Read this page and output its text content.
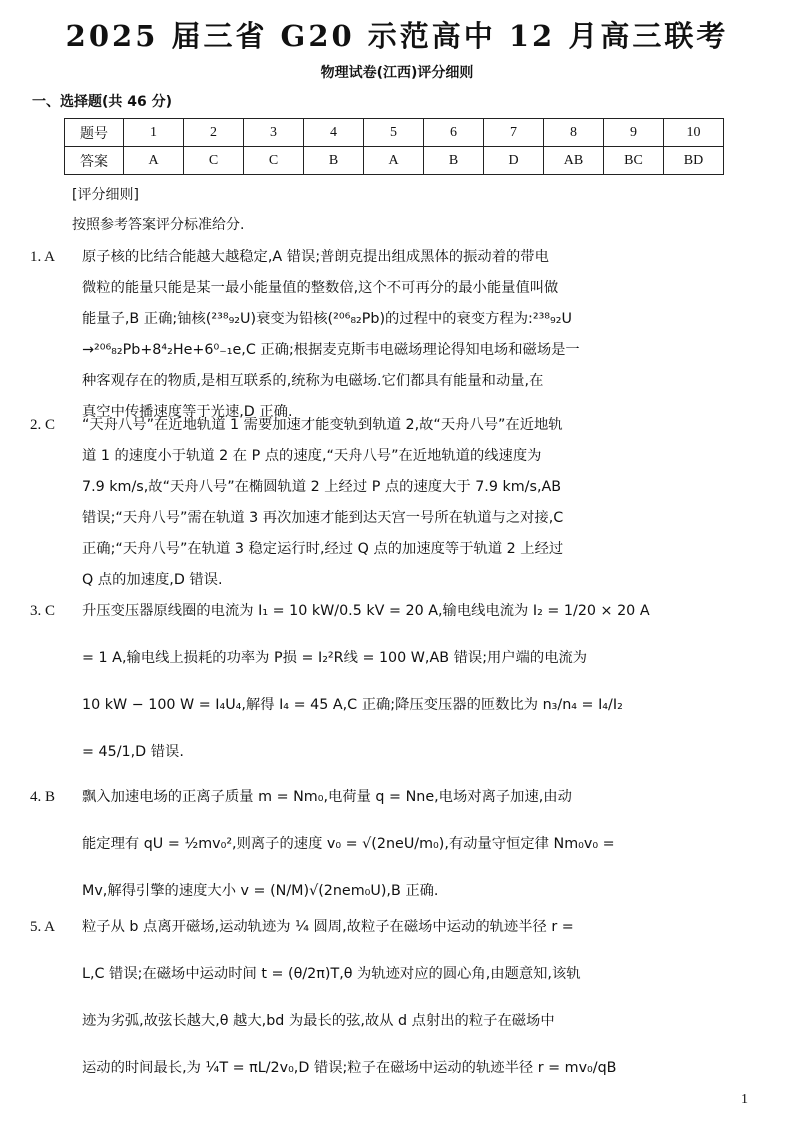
2025 届三省 G20 示范高中 12 月高三联考
物理试卷(江西)评分细则
一、选择题(共 46 分)
题号	1	2	3	4	5	6	7	8	9	10
答案	A	C	C	B	A	B	D	AB	BC	BD
[评分细则]
按照参考答案评分标准给分.
1. A 原子核的比结合能越大越稳定,A 错误;普朗克提出组成黑体的振动着的带电
微粒的能量只能是某一最小能量值的整数倍,这个不可再分的最小能量值叫做
能量子,B 正确;铀核(²³⁸₉₂U)衰变为铅核(²⁰⁶₈₂Pb)的过程中的衰变方程为:²³⁸₉₂U
→²⁰⁶₈₂Pb+8⁴₂He+6⁰₋₁e,C 正确;根据麦克斯韦电磁场理论得知电场和磁场是一
种客观存在的物质,是相互联系的,统称为电磁场.它们都具有能量和动量,在
真空中传播速度等于光速,D 正确.
2. C “天舟八号”在近地轨道 1 需要加速才能变轨到轨道 2,故“天舟八号”在近地轨
道 1 的速度小于轨道 2 在 P 点的速度,“天舟八号”在近地轨道的线速度为
7.9 km/s,故“天舟八号”在椭圆轨道 2 上经过 P 点的速度大于 7.9 km/s,AB
错误;“天舟八号”需在轨道 3 再次加速才能到达天宫一号所在轨道与之对接,C
正确;“天舟八号”在轨道 3 稳定运行时,经过 Q 点的加速度等于轨道 2 上经过
Q 点的加速度,D 错误.
3. C 升压变压器原线圈的电流为 I₁ = 10 kW/0.5 kV = 20 A,输电线电流为 I₂ = 1/20 × 20 A
= 1 A,输电线上损耗的功率为 P损 = I₂²R线 = 100 W,AB 错误;用户端的电流为
10 kW − 100 W = I₄U₄,解得 I₄ = 45 A,C 正确;降压变压器的匝数比为 n₃/n₄ = I₄/I₂
= 45/1,D 错误.
4. B 飘入加速电场的正离子质量 m = Nm₀,电荷量 q = Nne,电场对离子加速,由动
能定理有 qU = ½mv₀²,则离子的速度 v₀ = √(2neU/m₀),有动量守恒定律 Nm₀v₀ =
Mv,解得引擎的速度大小 v = (N/M)√(2nem₀U),B 正确.
5. A 粒子从 b 点离开磁场,运动轨迹为 ¼ 圆周,故粒子在磁场中运动的轨迹半径 r =
L,C 错误;在磁场中运动时间 t = (θ/2π)T,θ 为轨迹对应的圆心角,由题意知,该轨
迹为劣弧,故弦长越大,θ 越大,bd 为最长的弦,故从 d 点射出的粒子在磁场中
运动的时间最长,为 ¼T = πL/2v₀,D 错误;粒子在磁场中运动的轨迹半径 r = mv₀/qB
1
